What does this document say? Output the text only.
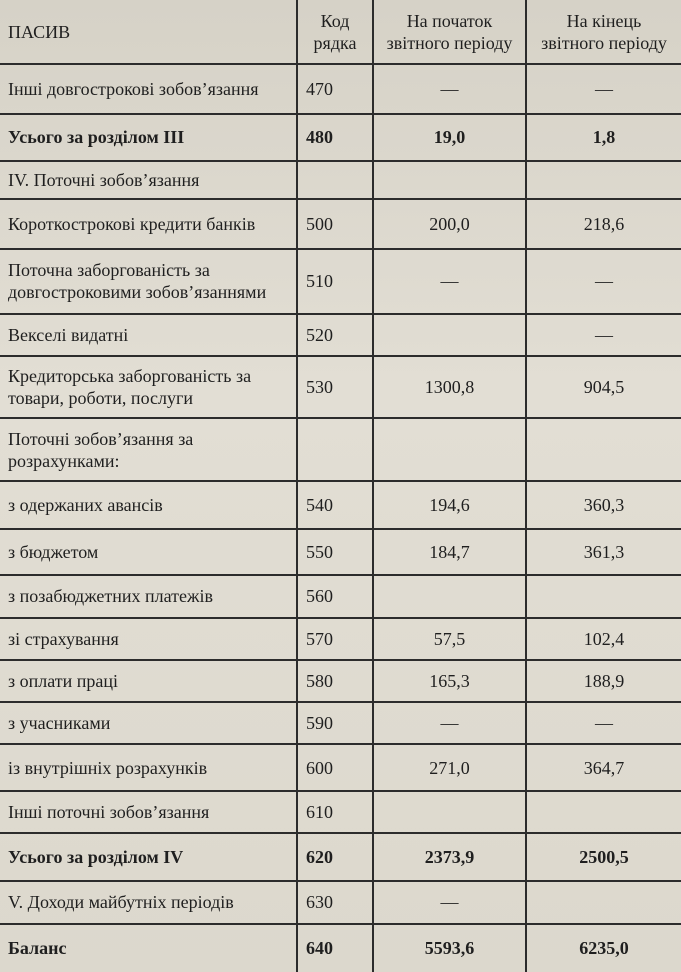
ПАСИВ	Код рядка	На початок звітного періоду	На кінець звітного періоду
Інші довгострокові зобов’язання	470	—	—
Усього за розділом III	480	19,0	1,8
IV. Поточні зобов’язання			
Короткострокові кредити банків	500	200,0	218,6
Поточна заборгованість за довгостроковими зобов’язаннями	510	—	—
Векселі видатні	520		—
Кредиторська заборгованість за товари, роботи, послуги	530	1300,8	904,5
Поточні зобов’язання за розрахунками:			
з одержаних авансів	540	194,6	360,3
з бюджетом	550	184,7	361,3
з позабюджетних платежів	560		
зі страхування	570	57,5	102,4
з оплати праці	580	165,3	188,9
з учасниками	590	—	—
із внутрішніх розрахунків	600	271,0	364,7
Інші поточні зобов’язання	610		
Усього за розділом IV	620	2373,9	2500,5
V. Доходи майбутніх періодів	630	—	
Баланс	640	5593,6	6235,0
